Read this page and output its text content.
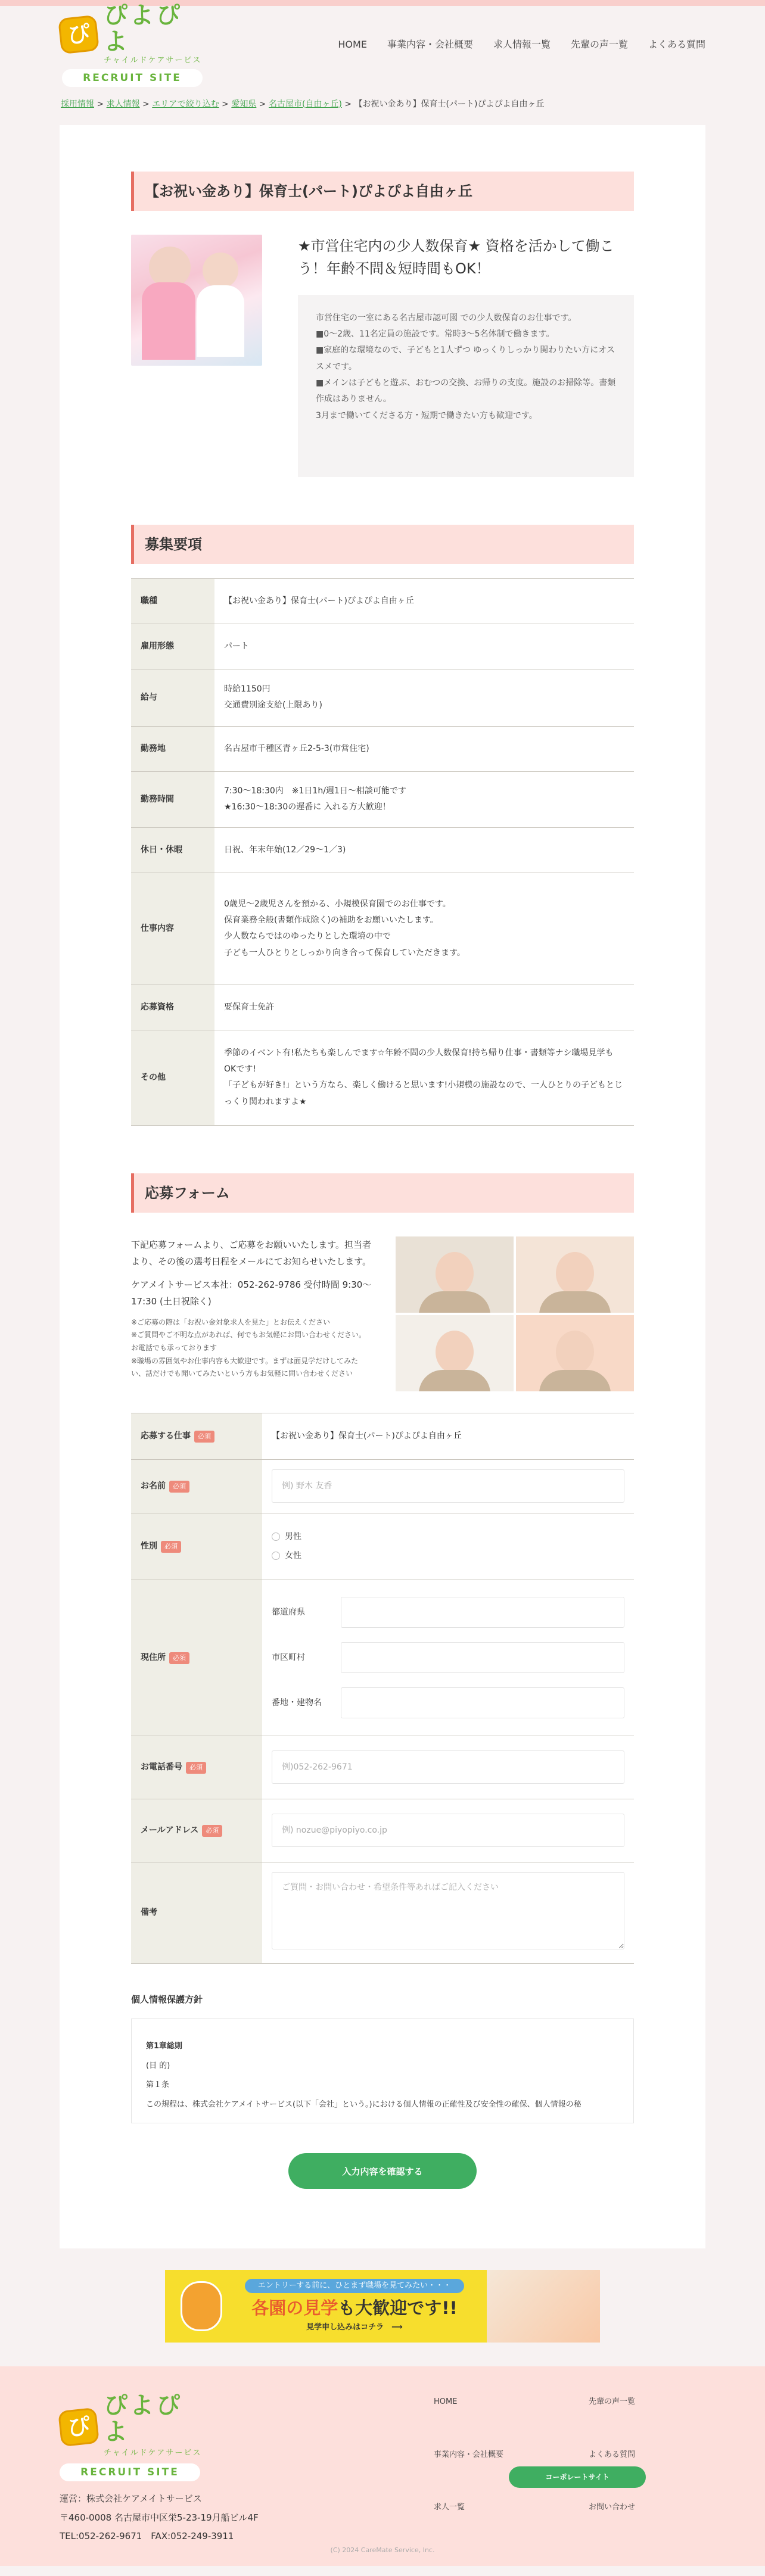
ぴ
ぴよぴよ
チャイルドケアサービス
RECRUIT SITE
HOME 事業内容・会社概要 求人情報一覧 先輩の声一覧 よくある質問
採用情報 > 求人情報 > エリアで絞り込む > 愛知県 > 名古屋市(自由ヶ丘) > 【お祝い金あり】保育士(パート)ぴよぴよ自由ヶ丘
【お祝い金あり】保育士(パート)ぴよぴよ自由ヶ丘

★市営住宅内の少人数保育★ 資格を活かして働こう！年齢不問＆短時間もOK！

市営住宅の一室にある名古屋市認可園 での少人数保育のお仕事です。

■0～2歳、11名定員の施設です。常時3～5名体制で働きます。

■家庭的な環境なので、子どもと1人ずつ ゆっくりしっかり関わりたい方にオススメです。

■メインは子どもと遊ぶ、おむつの交換、お帰りの支度。施設のお掃除等。書類作成はありません。

3月まで働いてくださる方・短期で働きたい方も歓迎です。

募集要項
職種	【お祝い金あり】保育士(パート)ぴよぴよ自由ヶ丘

雇用形態	パート

給与	時給1150円
交通費別途支給(上限あり)

勤務地	名古屋市千種区青ヶ丘2-5-3(市営住宅)

勤務時間	7:30～18:30内　※1日1h/週1日～相談可能です
★16:30～18:30の遅番に 入れる方大歓迎！

休日・休暇	日祝、年末年始(12／29～1／3)

仕事内容	0歳児～2歳児さんを預かる、小規模保育園でのお仕事です。
保育業務全般(書類作成除く)の補助をお願いいたします。
少人数ならではのゆったりとした環境の中で
子ども一人ひとりとしっかり向き合って保育していただきます。

応募資格	要保育士免許

その他	季節のイベント有!私たちも楽しんでます☆年齢不問の少人数保育!持ち帰り仕事・書類等ナシ職場見学もOKです!
「子どもが好き!」という方なら、楽しく働けると思います!小規模の施設なので、一人ひとりの子どもとじっくり関われますよ★
応募フォーム

下記応募フォームより、ご応募をお願いいたします。担当者より、その後の選考日程をメールにてお知らせいたします。

ケアメイトサービス本社：052-262-9786 受付時間 9:30～17:30 (土日祝除く)

※ご応募の際は「お祝い金対象求人を見た」とお伝えください

※ご質問やご不明な点があれば、何でもお気軽にお問い合わせください。お電話でも承っております

※職場の雰囲気やお仕事内容も大歓迎です。まずは面見学だけしてみたい、話だけでも聞いてみたいという方もお気軽に問い合わせください

応募する仕事 必須	【お祝い金あり】保育士(パート)ぴよぴよ自由ヶ丘
お名前 必須	例) 野木 友香
性別 必須	男性
女性

現住所 必須	都道府県
市区町村
番地・建物名

お電話番号 必須	例)052-262-9671
メールアドレス 必須	例) nozue@piyopiyo.co.jp
備考	ご質問・お問い合わせ・希望条件等あればご記入ください

個人情報保護方針

第1章総則

(目 的)

第１条

この規程は、株式会社ケアメイトサービス(以下「会社」という。)における個人情報の正確性及び安全性の確保、個人情報の秘

入力内容を確認する
エントリーする前に、ひとまず職場を見てみたい・・・
各園の見学も大歓迎です!!
見学申し込みはコチラ　⟶
ぴ
ぴよぴよ
チャイルドケアサービス
RECRUIT SITE

運営：株式会社ケアメイトサービス

〒460-0008 名古屋市中区栄5-23-19月船ビル4F

TEL:052-262-9671　FAX:052-249-3911

HOME	先輩の声一覧
事業内容・会社概要	よくある質問
求人一覧	お問い合わせ
コーポレートサイト

(C) 2024 CareMate Service, Inc.
